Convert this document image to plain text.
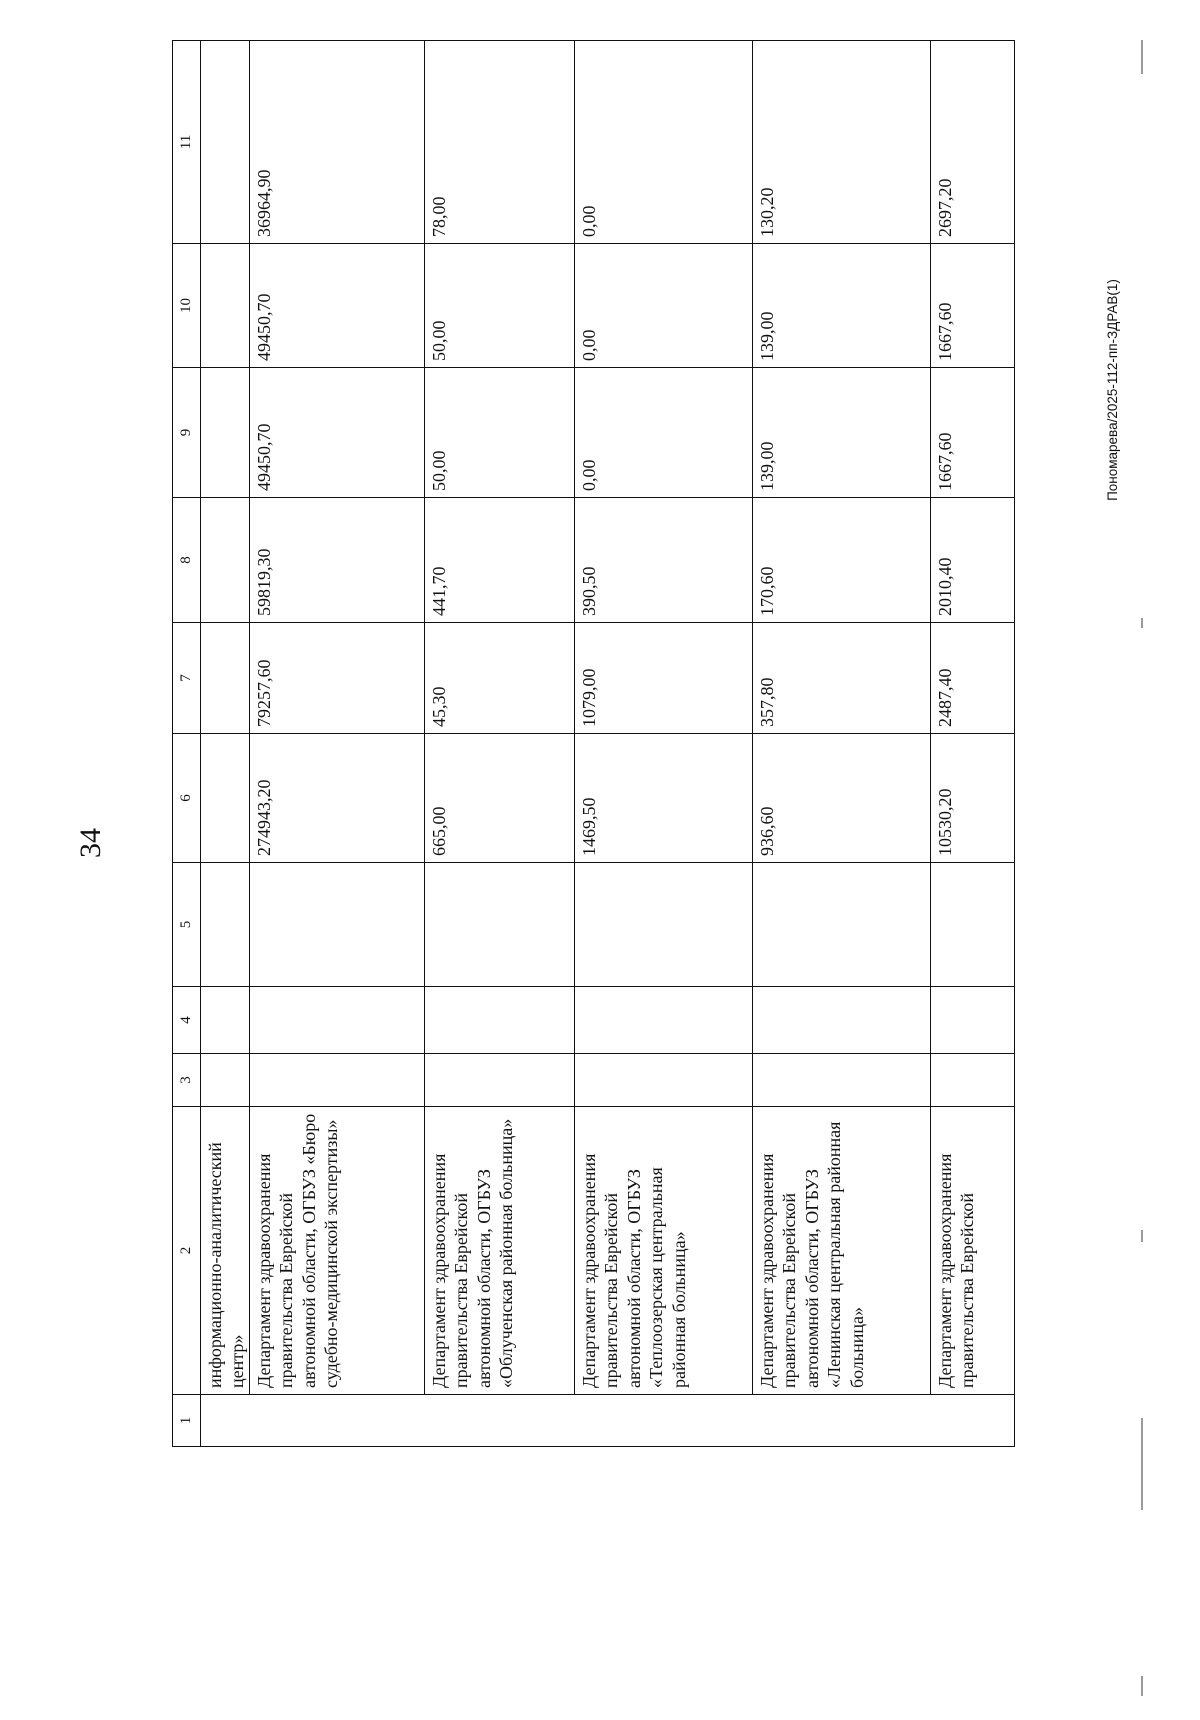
34
Пономарева/2025-112-пп-ЗДРАВ(1)
1	2	3	4	5	6	7	8	9	10	11
	информационно-аналитический центр»									
	Департамент здравоохранения правительства Еврейской автономной области, ОГБУЗ «Бюро судебно-медицинской экспертизы»				274943,20	79257,60	59819,30	49450,70	49450,70	36964,90
	Департамент здравоохранения правительства Еврейской автономной области, ОГБУЗ «Облученская районная больница»				665,00	45,30	441,70	50,00	50,00	78,00
	Департамент здравоохранения правительства Еврейской автономной области, ОГБУЗ «Теплоозерская центральная районная больница»				1469,50	1079,00	390,50	0,00	0,00	0,00
	Департамент здравоохранения правительства Еврейской автономной области, ОГБУЗ «Ленинская центральная районная больница»				936,60	357,80	170,60	139,00	139,00	130,20
	Департамент здравоохранения правительства Еврейской				10530,20	2487,40	2010,40	1667,60	1667,60	2697,20
